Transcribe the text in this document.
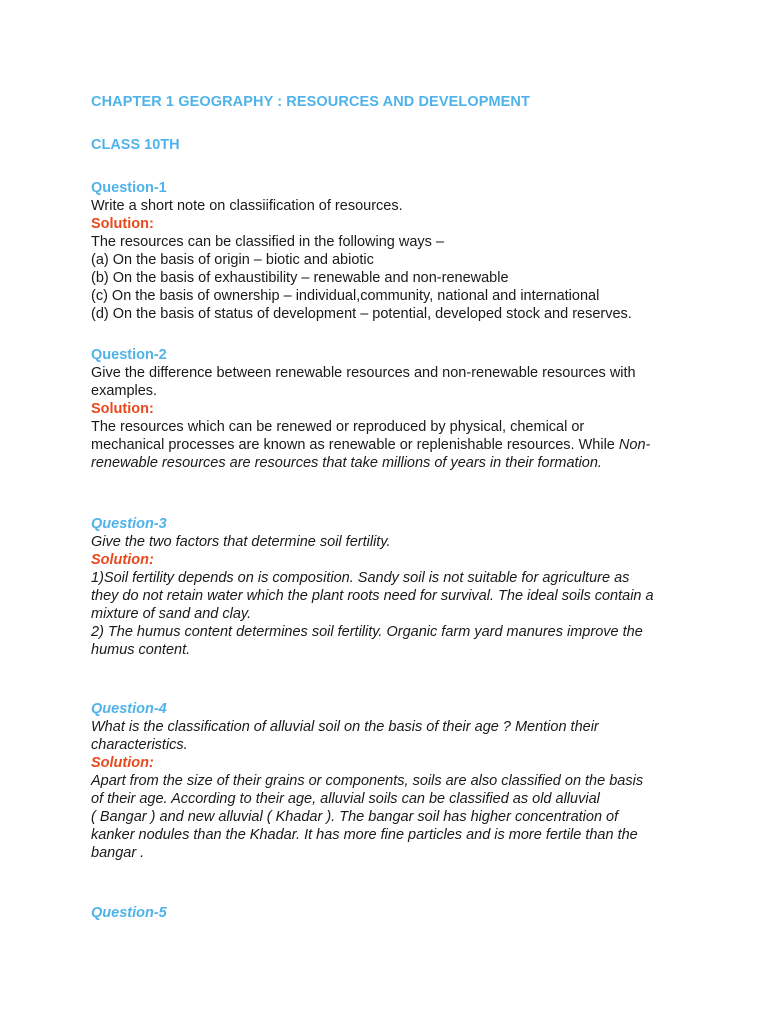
CHAPTER 1 GEOGRAPHY : RESOURCES AND DEVELOPMENT
CLASS 10TH

Question-1

Write a short note on classiification of resources.

Solution:

The resources can be classified in the following ways –

(a) On the basis of origin – biotic and abiotic

(b) On the basis of exhaustibility – renewable and non-renewable

(c) On the basis of ownership – individual,community, national and international

(d) On the basis of status of development – potential, developed stock and reserves.

Question-2

Give the difference between renewable resources and non-renewable resources with

examples.

Solution:

The resources which can be renewed or reproduced by physical, chemical or

mechanical processes are known as renewable or replenishable resources. While Non-

renewable resources are resources that take millions of years in their formation.

Question-3

Give the two factors that determine soil fertility.

Solution:

1)Soil fertility depends on is composition. Sandy soil is not suitable for agriculture as

they do not retain water which the plant roots need for survival. The ideal soils contain a

mixture of sand and clay.

2) The humus content determines soil fertility. Organic farm yard manures improve the

humus content.

Question-4

What is the classification of alluvial soil on the basis of their age ? Mention their

characteristics.

Solution:

Apart from the size of their grains or components, soils are also classified on the basis

of their age. According to their age, alluvial soils can be classified as old alluvial

( Bangar ) and new alluvial ( Khadar ). The bangar soil has higher concentration of

kanker nodules than the Khadar. It has more fine particles and is more fertile than the

bangar .

Question-5
